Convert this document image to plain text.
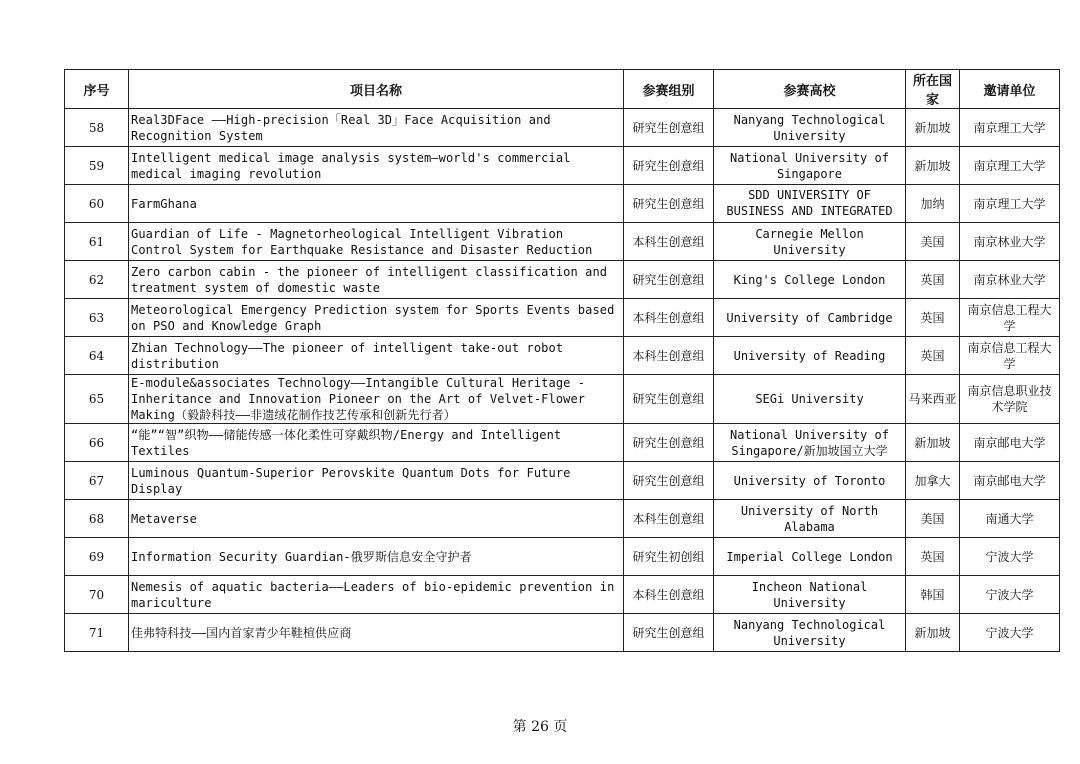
序号	项目名称	参赛组别	参赛高校	所在国家	邀请单位
58	Real3DFace ——High-precision「Real 3D」Face Acquisition and Recognition System	研究生创意组	Nanyang Technological University	新加坡	南京理工大学
59	Intelligent medical image analysis system—world's commercial medical imaging revolution	研究生创意组	National University of Singapore	新加坡	南京理工大学
60	FarmGhana	研究生创意组	SDD UNIVERSITY OF BUSINESS AND INTEGRATED	加纳	南京理工大学
61	Guardian of Life - Magnetorheological Intelligent Vibration Control System for Earthquake Resistance and Disaster Reduction	本科生创意组	Carnegie Mellon University	美国	南京林业大学
62	Zero carbon cabin - the pioneer of intelligent classification and treatment system of domestic waste	研究生创意组	King's College London	英国	南京林业大学
63	Meteorological Emergency Prediction system for Sports Events based on PSO and Knowledge Graph	本科生创意组	University of Cambridge	英国	南京信息工程大学
64	Zhian Technology——The pioneer of intelligent take-out robot distribution	本科生创意组	University of Reading	英国	南京信息工程大学
65	E-module&associates Technology——Intangible Cultural Heritage - Inheritance and Innovation Pioneer on the Art of Velvet-Flower Making（毅龄科技——非遗绒花制作技艺传承和创新先行者）	研究生创意组	SEGi University	马来西亚	南京信息职业技术学院
66	“能”“智”织物——储能传感一体化柔性可穿戴织物/Energy and Intelligent Textiles	研究生创意组	National University of Singapore/新加坡国立大学	新加坡	南京邮电大学
67	Luminous Quantum-Superior Perovskite Quantum Dots for Future Display	研究生创意组	University of Toronto	加拿大	南京邮电大学
68	Metaverse	本科生创意组	University of North Alabama	美国	南通大学
69	Information Security Guardian-俄罗斯信息安全守护者	研究生初创组	Imperial College London	英国	宁波大学
70	Nemesis of aquatic bacteria——Leaders of bio-epidemic prevention in mariculture	本科生创意组	Incheon National University	韩国	宁波大学
71	佳弗特科技——国内首家青少年鞋楦供应商	研究生创意组	Nanyang Technological University	新加坡	宁波大学
第 26 页
